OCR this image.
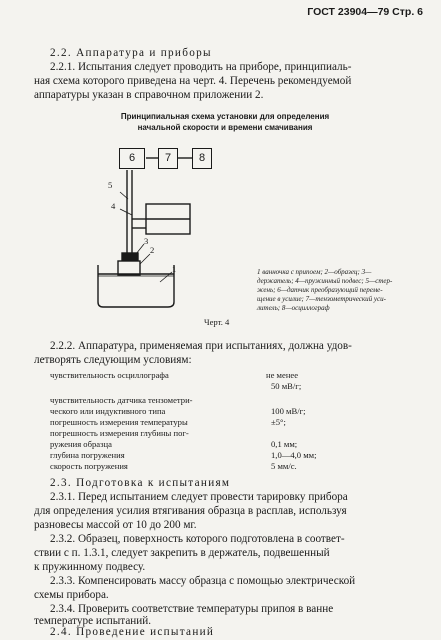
ГОСТ 23904—79 Стр. 6
2.2. Аппаратура и приборы
2.2.1. Испытания следует проводить на приборе, принципиаль-
ная схема которого приведена на черт. 4. Перечень рекомендуемой
аппаратуры указан в справочном приложении 2.
Принципиальная схема установки для определения
начальной скорости и времени смачивания
6	7	8
5
4
3
2
1	1 ванночка с припоем; 2—образец; 3—
держатель; 4—пружинный подвес; 5—стер-
жень; 6—датчик преобразующий переме-
щение в усилие; 7—тензометрический уси-
литель; 8—осциллограф
Черт. 4
2.2.2. Аппаратура, применяемая при испытаниях, должна удов-
летворять следующим условиям:
чувствительность осциллографа	не менее
50 мВ/г;
чувствительность датчика тензометри-
ческого или индуктивного типа	100 мВ/г;
погрешность измерения температуры	±5°;
погрешность измерения глубины пог-
ружения образца	0,1 мм;
глубина погружения	1,0—4,0 мм;
скорость погружения	5 мм/с.
2.3. Подготовка к испытаниям
2.3.1. Перед испытанием следует провести тарировку прибора
для определения усилия втягивания образца в расплав, используя
разновесы массой от 10 до 200 мг.
2.3.2. Образец, поверхность которого подготовлена в соответ-
ствии с п. 1.3.1, следует закрепить в держатель, подвешенный
к пружинному подвесу.
2.3.3. Компенсировать массу образца с помощью электрической
схемы прибора.
2.3.4. Проверить соответствие температуры припоя в ванне
температуре испытаний.
2.4. Проведение испытаний
